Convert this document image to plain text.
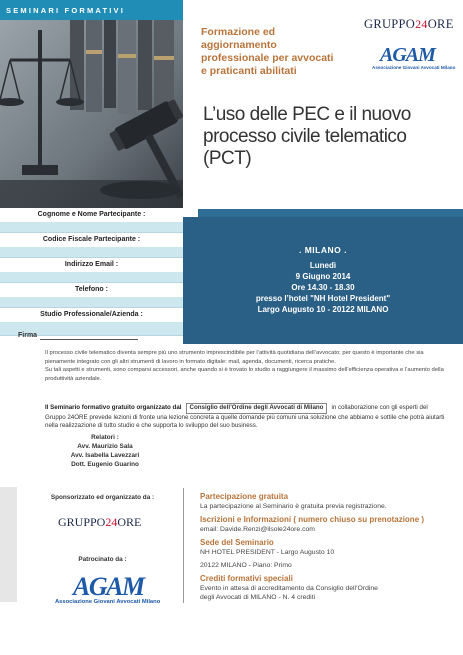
SEMINARI FORMATIVI
Formazione ed aggiornamento
professionale per avvocati
e praticanti abilitati
GRUPPO24ORE
AGAM
Associazione Giovani Avvocati Milano
L’uso delle PEC e il nuovo
processo civile telematico
(PCT)
Cognome e Nome Partecipante :
Codice Fiscale Partecipante :
Indirizzo Email :
Telefono :
Studio Professionale/Azienda :
Firma
. MILANO .
Lunedì
9 Giugno 2014
Ore 14.30 - 18.30
presso l’hotel "NH Hotel President"
Largo Augusto 10 - 20122 MILANO

Il processo civile telematico diventa sempre più uno strumento imprescindibile per l’attività quotidiana dell’avvocato; per questo è importante che sia pienamente integrato con gli altri strumenti di lavoro in formato digitale: mail, agenda, documenti, ricerca pratiche.

Su tali aspetti e strumenti, sono comparsi accessori, anche quando si è trovato lo studio a raggiungere il massimo dell’efficienza operativa e l’aumento della produttività aziendale.

Il Seminario formativo gratuito organizzato dal Consiglio dell’Ordine degli Avvocati di Milano in collaborazione con gli esperti del Gruppo 24ORE prevede lezioni di fronte una lezione concreta a quelle domande più comuni una soluzione che abbiamo e sottile che potrà aiutarti nella realizzazione di tutto studio e che supporta lo sviluppo del suo business.
Relatori :
Avv. Maurizio Sala
Avv. Isabella Lavezzari
Dott. Eugenio Guarino
Sponsorizzato ed organizzato da :
GRUPPO24ORE
Patrocinato da :
AGAM
Associazione Giovani Avvocati Milano
Partecipazione gratuita
La partecipazione al Seminario è gratuita previa registrazione.
Iscrizioni e Informazioni ( numero chiuso su prenotazione )
email: Davide.Renzi@ilsole24ore.com
Sede del Seminario
NH HOTEL PRESIDENT - Largo Augusto 10
20122 MILANO - Piano: Primo
Crediti formativi speciali
Evento in attesa di accreditamento da Consiglio dell’Ordine
degli Avvocati di MILANO - N. 4 crediti
